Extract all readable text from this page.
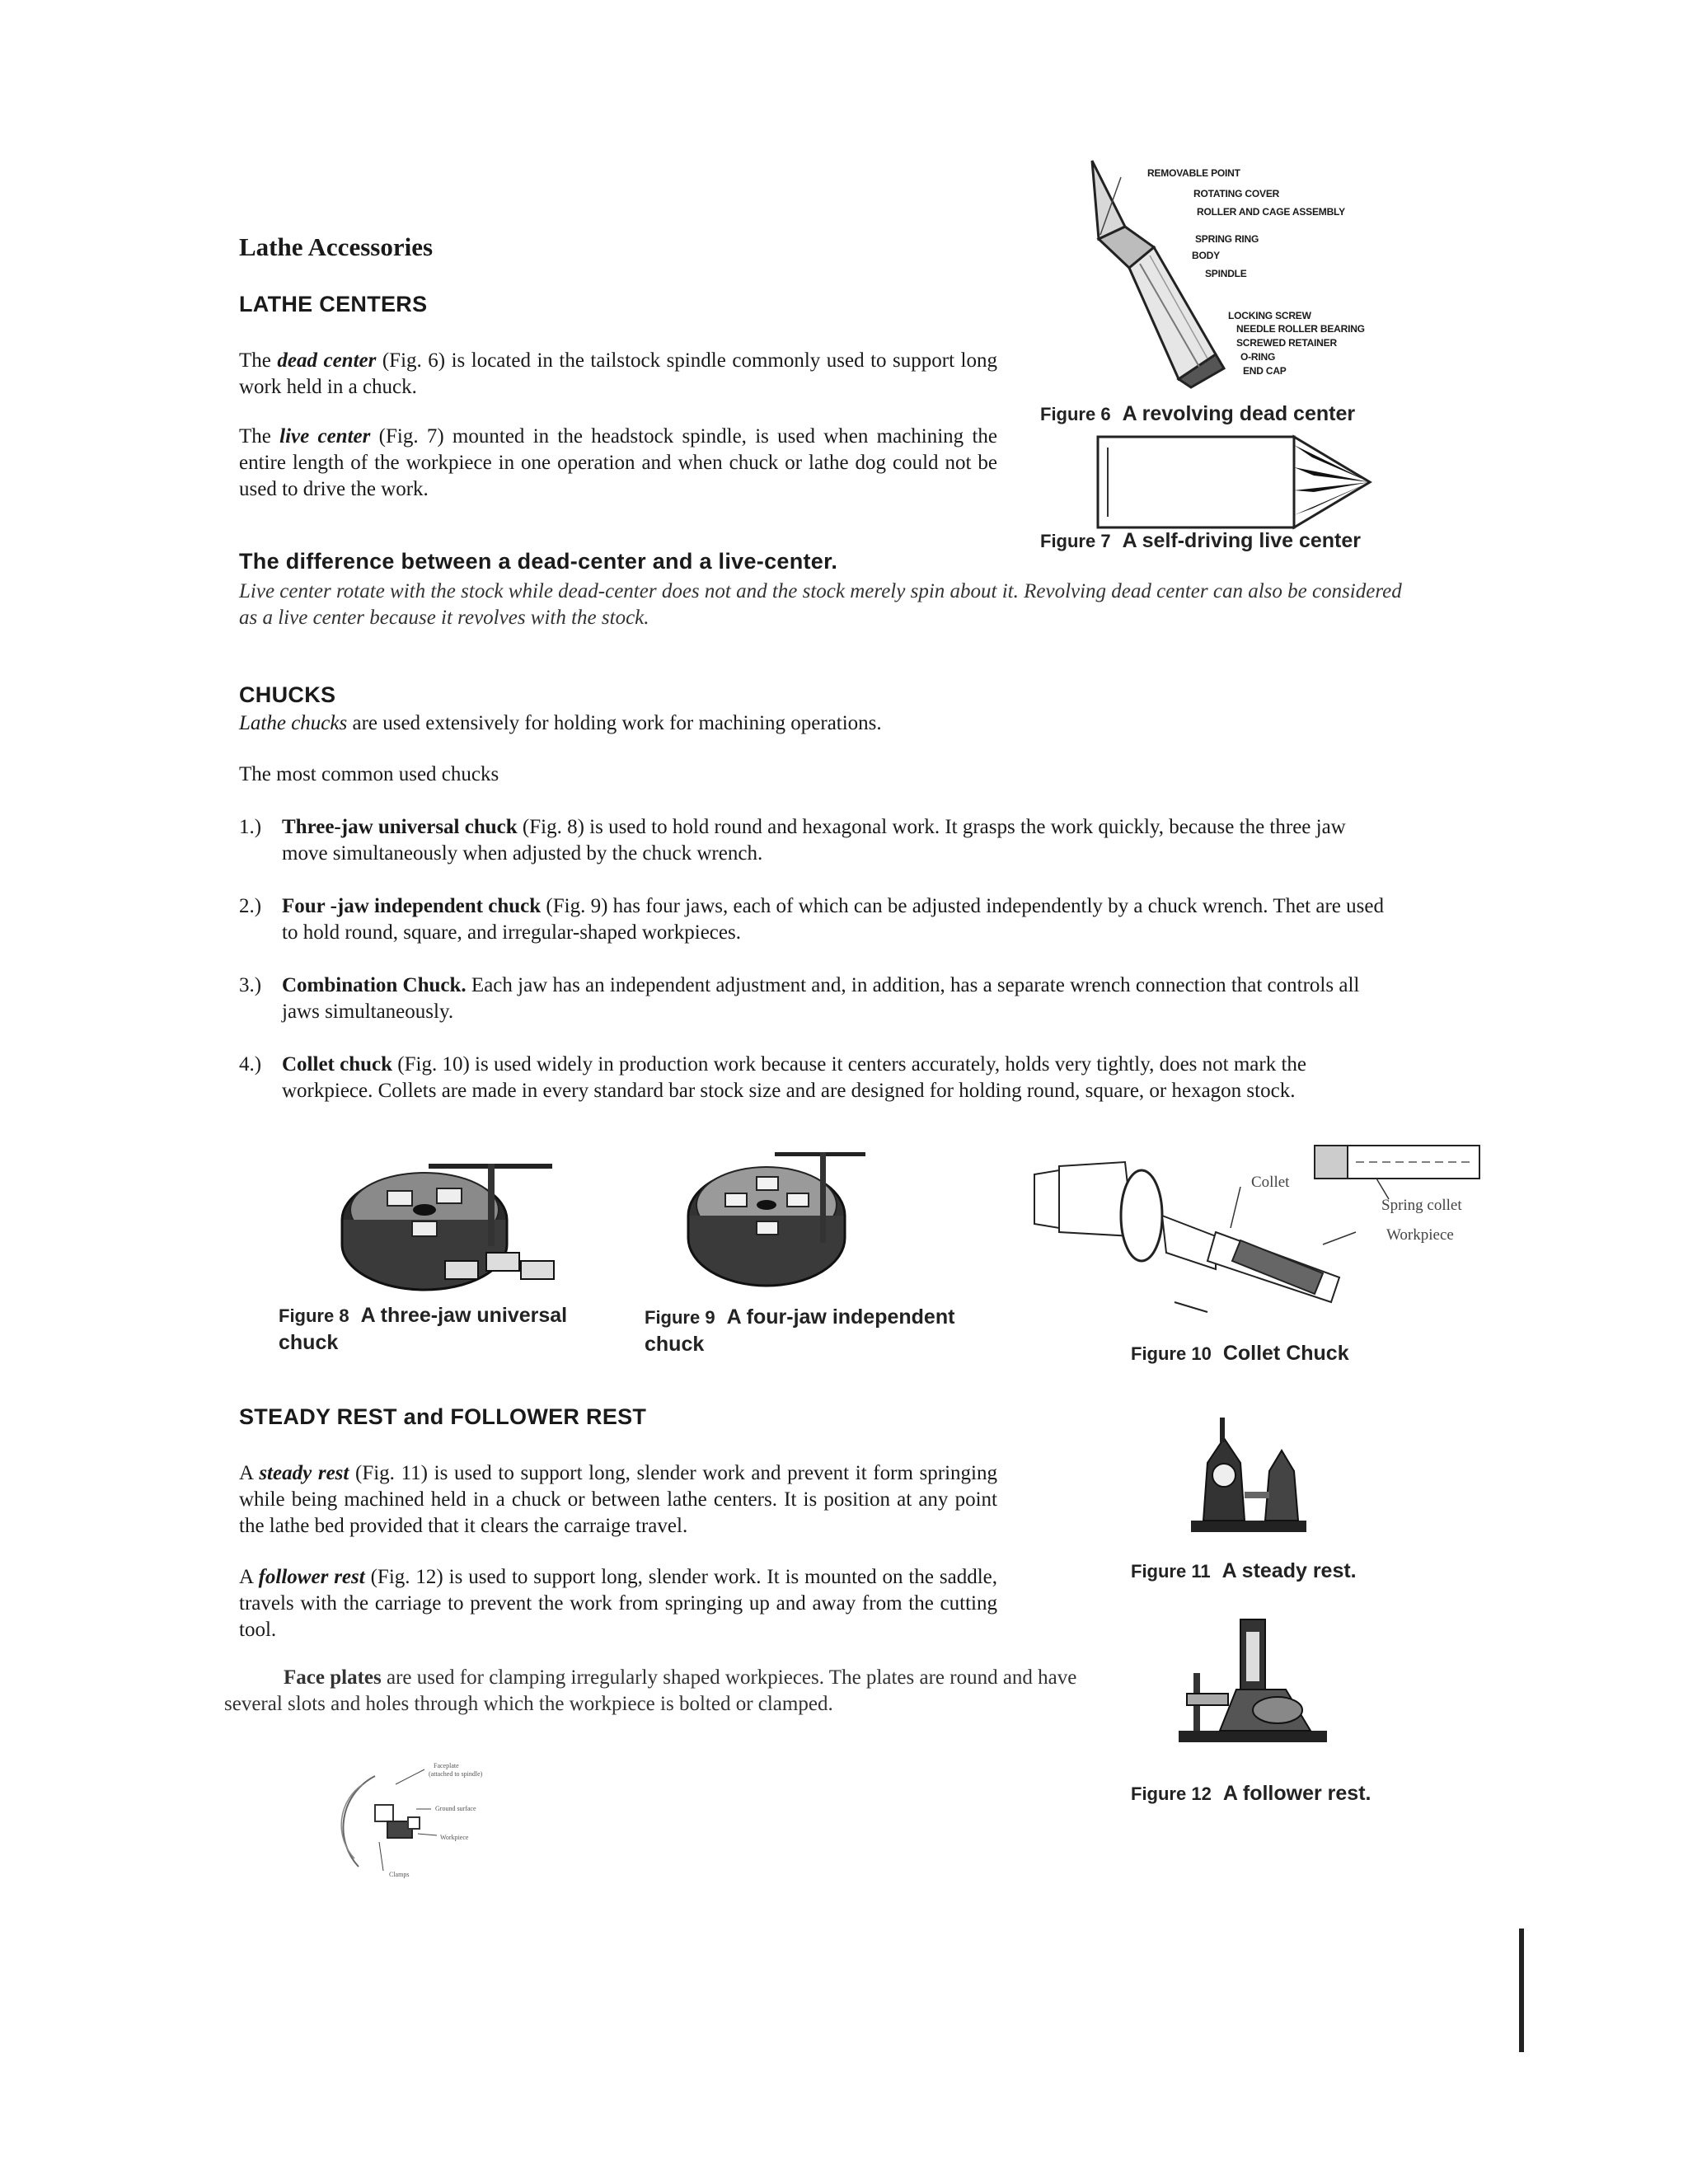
Lathe Accessories
LATHE CENTERS

The dead center (Fig. 6) is located in the tailstock spindle commonly used to support long work held in a chuck.

The live center (Fig. 7) mounted in the headstock spindle, is used when machining the entire length of the workpiece in one operation and when chuck or lathe dog could not be used to drive the work.

The difference between a dead-center and a live-center.

Live center rotate with the stock while dead-center does not and the stock merely spin about it. Revolving dead center can also be considered as a live center because it revolves with the stock.

REMOVABLE POINT
ROTATING COVER
ROLLER AND CAGE ASSEMBLY
SPRING RING
BODY
SPINDLE
LOCKING SCREW
NEEDLE ROLLER BEARING
SCREWED RETAINER
O-RING
END CAP
Figure 6 A revolving dead center
Figure 7 A self-driving live center
CHUCKS

Lathe chucks are used extensively for holding work for machining operations.

The most common used chucks

1.) Three-jaw universal chuck (Fig. 8) is used to hold round and hexagonal work. It grasps the work quickly, because the three jaw move simultaneously when adjusted by the chuck wrench.
2.) Four -jaw independent chuck (Fig. 9) has four jaws, each of which can be adjusted independently by a chuck wrench. Thet are used to hold round, square, and irregular-shaped workpieces.
3.) Combination Chuck. Each jaw has an independent adjustment and, in addition, has a separate wrench connection that controls all jaws simultaneously.
4.) Collet chuck (Fig. 10) is used widely in production work because it centers accurately, holds very tightly, does not mark the workpiece. Collets are made in every standard bar stock size and are designed for holding round, square, or hexagon stock.
Figure 8 A three-jaw universal chuck
Figure 9 A four-jaw independent chuck
Collet
Spring collet
Workpiece
Figure 10 Collet Chuck
STEADY REST and FOLLOWER REST

A steady rest (Fig. 11) is used to support long, slender work and prevent it form springing while being machined held in a chuck or between lathe centers. It is position at any point the lathe bed provided that it clears the carraige travel.

A follower rest (Fig. 12) is used to support long, slender work. It is mounted on the saddle, travels with the carriage to prevent the work from springing up and away from the cutting tool.

Face plates are used for clamping irregularly shaped workpieces. The plates are round and have several slots and holes through which the workpiece is bolted or clamped.

Figure 11 A steady rest.
Figure 12 A follower rest.
Faceplate
(attached to spindle)
Ground surface
Workpiece
Clamps
